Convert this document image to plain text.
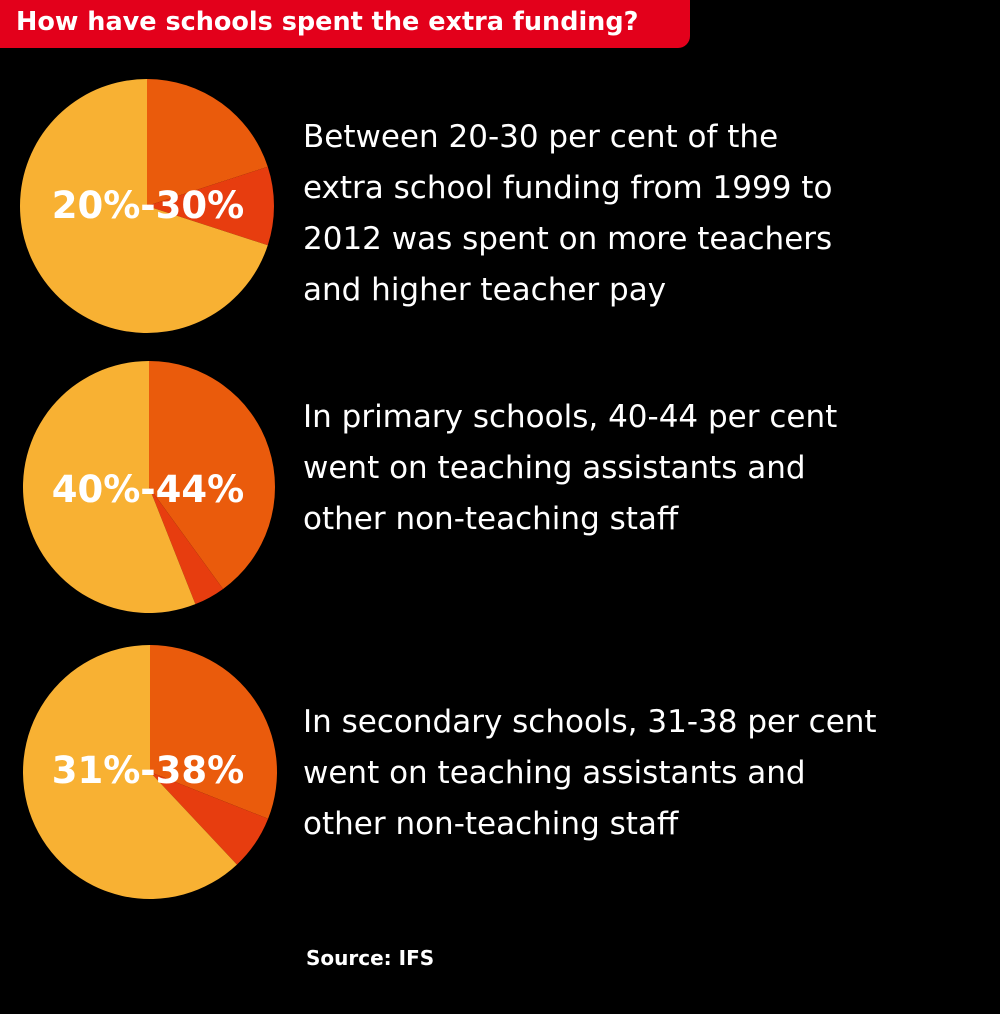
How have schools spent the extra funding?
20%-30%
Between 20-30 per cent of the
extra school funding from 1999 to
2012 was spent on more teachers
and higher teacher pay
40%-44%
In primary schools, 40-44 per cent
went on teaching assistants and
other non-teaching staff
31%-38%
In secondary schools, 31-38 per cent
went on teaching assistants and
other non-teaching staff
Source: IFS
